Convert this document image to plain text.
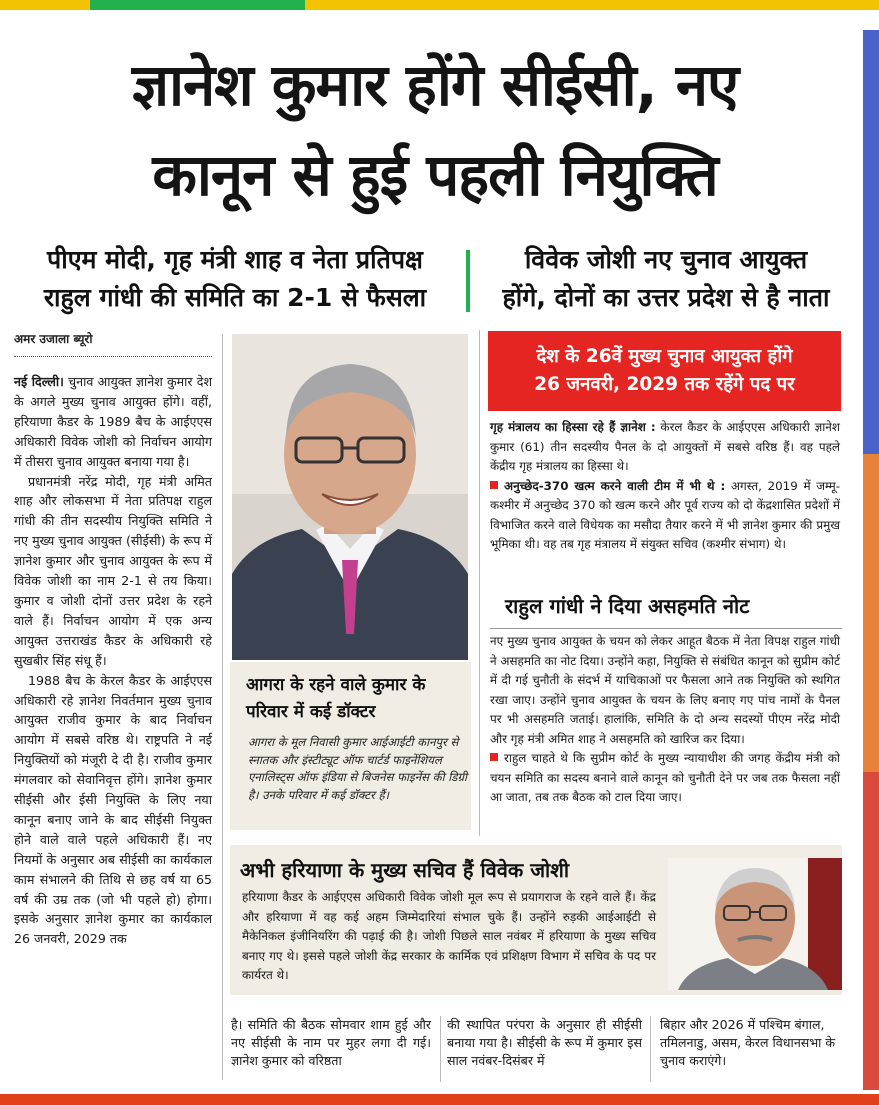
ज्ञानेश कुमार होंगे सीईसी, नए
कानून से हुई पहली नियुक्ति
पीएम मोदी, गृह मंत्री शाह व नेता प्रतिपक्ष
राहुल गांधी की समिति का 2-1 से फैसला
विवेक जोशी नए चुनाव आयुक्त
होंगे, दोनों का उत्तर प्रदेश से है नाता
अमर उजाला ब्यूरो

नई दिल्ली। चुनाव आयुक्त ज्ञानेश कुमार देश के अगले मुख्य चुनाव आयुक्त होंगे। वहीं, हरियाणा कैडर के 1989 बैच के आईएएस अधिकारी विवेक जोशी को निर्वाचन आयोग में तीसरा चुनाव आयुक्त बनाया गया है।

प्रधानमंत्री नरेंद्र मोदी, गृह मंत्री अमित शाह और लोकसभा में नेता प्रतिपक्ष राहुल गांधी की तीन सदस्यीय नियुक्ति समिति ने नए मुख्य चुनाव आयुक्त (सीईसी) के रूप में ज्ञानेश कुमार और चुनाव आयुक्त के रूप में विवेक जोशी का नाम 2-1 से तय किया। कुमार व जोशी दोनों उत्तर प्रदेश के रहने वाले हैं। निर्वाचन आयोग में एक अन्य आयुक्त उत्तराखंड कैडर के अधिकारी रहे सुखबीर सिंह संधू हैं।

1988 बैच के केरल कैडर के आईएएस अधिकारी रहे ज्ञानेश निवर्तमान मुख्य चुनाव आयुक्त राजीव कुमार के बाद निर्वाचन आयोग में सबसे वरिष्ठ थे। राष्ट्रपति ने नई नियुक्तियों को मंजूरी दे दी है। राजीव कुमार मंगलवार को सेवानिवृत्त होंगे। ज्ञानेश कुमार सीईसी और ईसी नियुक्ति के लिए नया कानून बनाए जाने के बाद सीईसी नियुक्त होने वाले वाले पहले अधिकारी हैं। नए नियमों के अनुसार अब सीईसी का कार्यकाल काम संभालने की तिथि से छह वर्ष या 65 वर्ष की उम्र तक (जो भी पहले हो) होगा। इसके अनुसार ज्ञानेश कुमार का कार्यकाल 26 जनवरी, 2029 तक

आगरा के रहने वाले कुमार के परिवार में कई डॉक्टर
आगरा के मूल निवासी कुमार आईआईटी कानपुर से स्नातक और इंस्टीट्यूट ऑफ चार्टर्ड फाइनेंशियल एनालिस्ट्स ऑफ इंडिया से बिजनेस फाइनेंस की डिग्री है। उनके परिवार में कई डॉक्टर हैं।
देश के 26वें मुख्य चुनाव आयुक्त होंगे
26 जनवरी, 2029 तक रहेंगे पद पर

गृह मंत्रालय का हिस्सा रहे हैं ज्ञानेश : केरल कैडर के आईएएस अधिकारी ज्ञानेश कुमार (61) तीन सदस्यीय पैनल के दो आयुक्तों में सबसे वरिष्ठ हैं। वह पहले केंद्रीय गृह मंत्रालय का हिस्सा थे।

अनुच्छेद-370 खत्म करने वाली टीम में भी थे : अगस्त, 2019 में जम्मू-कश्मीर में अनुच्छेद 370 को खत्म करने और पूर्व राज्य को दो केंद्रशासित प्रदेशों में विभाजित करने वाले विधेयक का मसौदा तैयार करने में भी ज्ञानेश कुमार की प्रमुख भूमिका थी। वह तब गृह मंत्रालय में संयुक्त सचिव (कश्मीर संभाग) थे।

राहुल गांधी ने दिया असहमति नोट

नए मुख्य चुनाव आयुक्त के चयन को लेकर आहूत बैठक में नेता विपक्ष राहुल गांधी ने असहमति का नोट दिया। उन्होंने कहा, नियुक्ति से संबंधित कानून को सुप्रीम कोर्ट में दी गई चुनौती के संदर्भ में याचिकाओं पर फैसला आने तक नियुक्ति को स्थगित रखा जाए। उन्होंने चुनाव आयुक्त के चयन के लिए बनाए गए पांच नामों के पैनल पर भी असहमति जताई। हालांकि, समिति के दो अन्य सदस्यों पीएम नरेंद्र मोदी और गृह मंत्री अमित शाह ने असहमति को खारिज कर दिया।

राहुल चाहते थे कि सुप्रीम कोर्ट के मुख्य न्यायाधीश की जगह केंद्रीय मंत्री को चयन समिति का सदस्य बनाने वाले कानून को चुनौती देने पर जब तक फैसला नहीं आ जाता, तब तक बैठक को टाल दिया जाए।

अभी हरियाणा के मुख्य सचिव हैं विवेक जोशी
हरियाणा कैडर के आईएएस अधिकारी विवेक जोशी मूल रूप से प्रयागराज के रहने वाले हैं। केंद्र और हरियाणा में वह कई अहम जिम्मेदारियां संभाल चुके हैं। उन्होंने रुड़की आईआईटी से मैकेनिकल इंजीनियरिंग की पढ़ाई की है। जोशी पिछले साल नवंबर में हरियाणा के मुख्य सचिव बनाए गए थे। इससे पहले जोशी केंद्र सरकार के कार्मिक एवं प्रशिक्षण विभाग में सचिव के पद पर कार्यरत थे।
है। समिति की बैठक सोमवार शाम हुई और नए सीईसी के नाम पर मुहर लगा दी गई। ज्ञानेश कुमार को वरिष्ठता
की स्थापित परंपरा के अनुसार ही सीईसी बनाया गया है। सीईसी के रूप में कुमार इस साल नवंबर-दिसंबर में
बिहार और 2026 में पश्चिम बंगाल, तमिलनाडु, असम, केरल विधानसभा के चुनाव कराएंगे।
